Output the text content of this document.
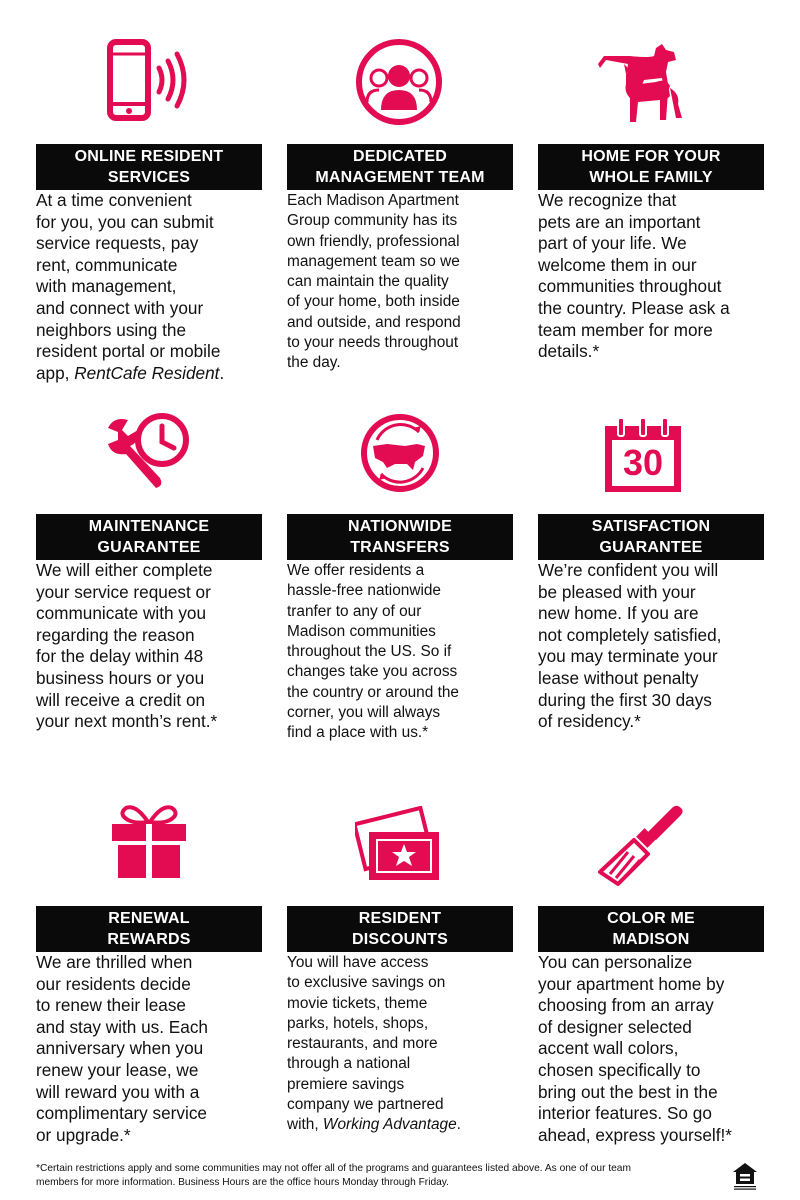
ONLINE RESIDENT
SERVICES

At a time convenient
for you, you can submit
service requests, pay
rent, communicate
with management,
and connect with your
neighbors using the
resident portal or mobile
app, RentCafe Resident.

DEDICATED
MANAGEMENT TEAM

Each Madison Apartment
Group community has its
own friendly, professional
management team so we
can maintain the quality
of your home, both inside
and outside, and respond
to your needs throughout
the day.

HOME FOR YOUR
WHOLE FAMILY

We recognize that
pets are an important
part of your life. We
welcome them in our
communities throughout
the country. Please ask a
team member for more
details.*

MAINTENANCE
GUARANTEE

We will either complete
your service request or
communicate with you
regarding the reason
for the delay within 48
business hours or you
will receive a credit on
your next month’s rent.*

NATIONWIDE
TRANSFERS

We offer residents a
hassle-free nationwide
tranfer to any of our
Madison communities
throughout the US. So if
changes take you across
the country or around the
corner, you will always
find a place with us.*

30
SATISFACTION
GUARANTEE

We’re confident you will
be pleased with your
new home. If you are
not completely satisfied,
you may terminate your
lease without penalty
during the first 30 days
of residency.*

RENEWAL
REWARDS

We are thrilled when
our residents decide
to renew their lease
and stay with us. Each
anniversary when you
renew your lease, we
will reward you with a
complimentary service
or upgrade.*

RESIDENT
DISCOUNTS

You will have access
to exclusive savings on
movie tickets, theme
parks, hotels, shops,
restaurants, and more
through a national
premiere savings
company we partnered
with, Working Advantage.

COLOR ME
MADISON

You can personalize
your apartment home by
choosing from an array
of designer selected
accent wall colors,
chosen specifically to
bring out the best in the
interior features. So go
ahead, express yourself!*

*Certain restrictions apply and some communities may not offer all of the programs and guarantees listed above. As one of our team
members for more information. Business Hours are the office hours Monday through Friday.
